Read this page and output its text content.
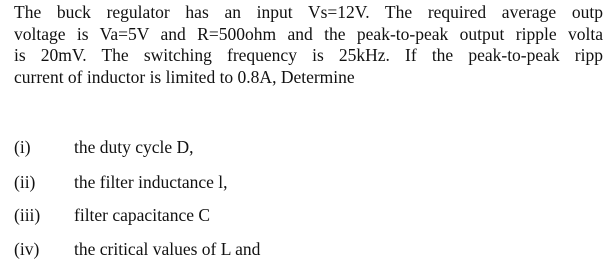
The buck regulator has an input Vs=12V. The required average outp
voltage is Va=5V and R=500ohm and the peak-to-peak output ripple volta
is 20mV. The switching frequency is 25kHz. If the peak-to-peak ripp
current of inductor is limited to 0.8A, Determine
(i) the duty cycle D,
(ii) the filter inductance l,
(iii) filter capacitance C
(iv) the critical values of L and
